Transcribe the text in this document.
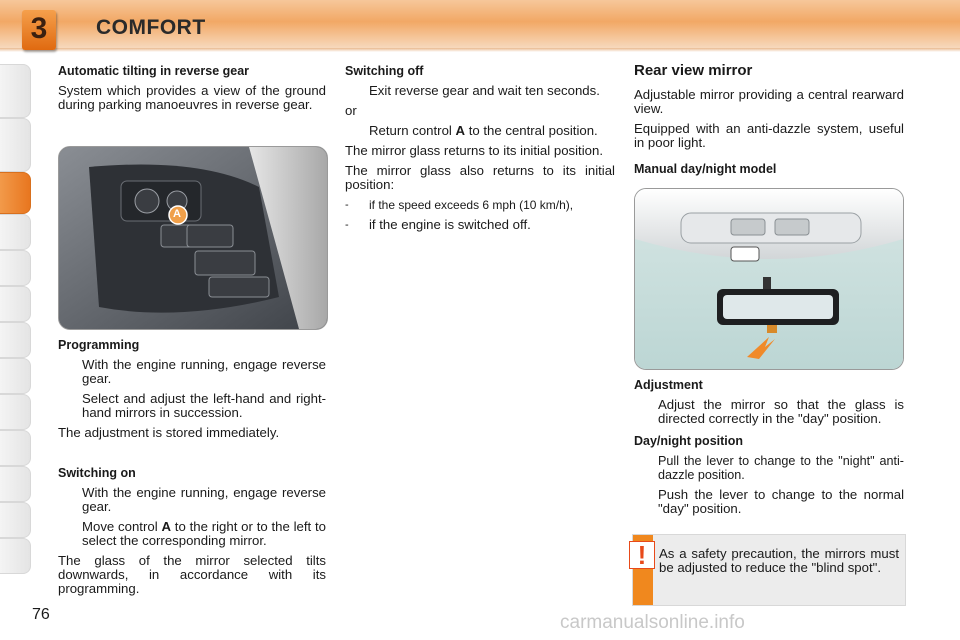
3	COMFORT
Automatic tilting in reverse gear
System which provides a view of the ground during parking manoeuvres in reverse gear.
A
Programming
With the engine running, engage reverse gear.
Select and adjust the left-hand and right-hand mirrors in succession.
The adjustment is stored immediately.
Switching on
With the engine running, engage reverse gear.
Move control A to the right or to the left to select the corresponding mirror.
The glass of the mirror selected tilts downwards, in accordance with its programming.
Switching off
Exit reverse gear and wait ten seconds.
or
Return control A to the central position.
The mirror glass returns to its initial position.
The mirror glass also returns to its initial position:
- if the speed exceeds 6 mph (10 km/h),
- if the engine is switched off.
Rear view mirror
Adjustable mirror providing a central rearward view.
Equipped with an anti-dazzle system, useful in poor light.
Manual day/night model
Adjustment
Adjust the mirror so that the glass is directed correctly in the "day" position.
Day/night position
Pull the lever to change to the "night" anti-dazzle position.
Push the lever to change to the normal "day" position.
! As a safety precaution, the mirrors must be adjusted to reduce the "blind spot".
76	carmanualsonline.info
